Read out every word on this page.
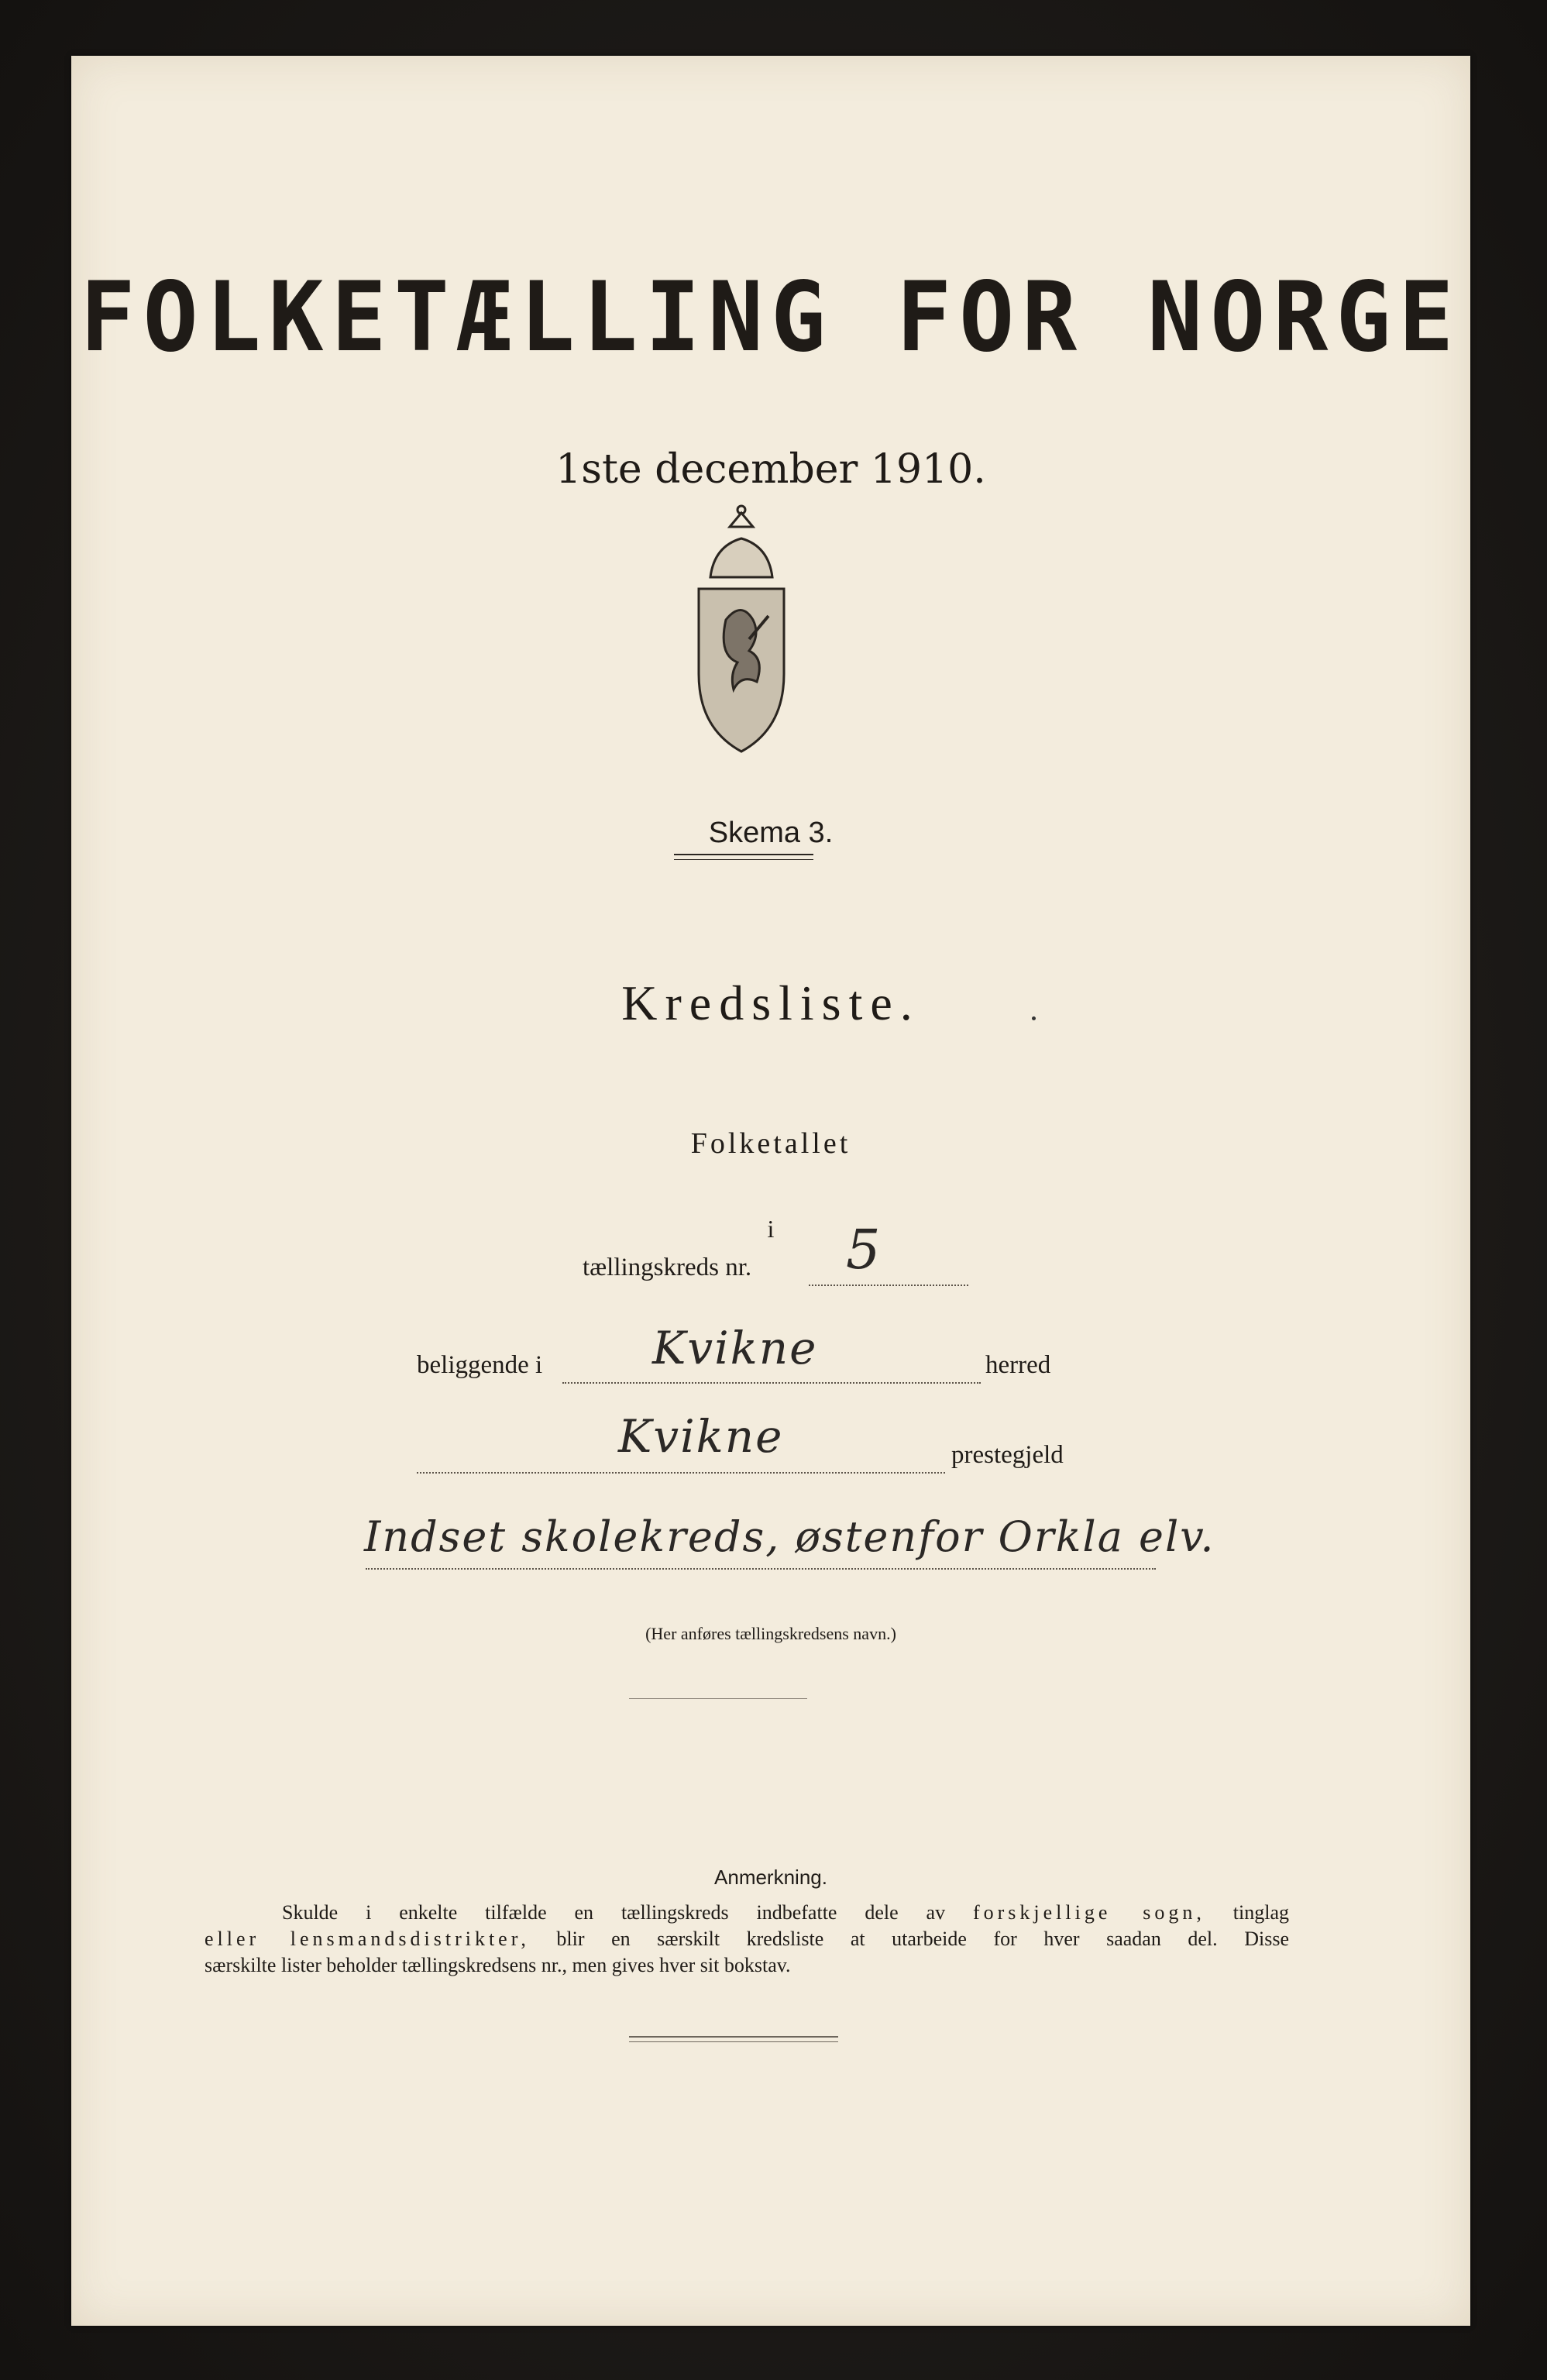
FOLKETÆLLING FOR NORGE
1ste december 1910.
Skema 3.
Kredsliste.
Folketallet
i
tællingskreds nr. 5
beliggende i Kvikne	herred
Kvikne	prestegjeld
Indset skolekreds, østenfor Orkla elv.
(Her anføres tællingskredsens navn.)
Anmerkning.
Skulde i enkelte tilfælde en tællingskreds indbefatte dele av forskjellige sogn, tinglag
eller lensmandsdistrikter, blir en særskilt kredsliste at utarbeide for hver saadan del. Disse
særskilte lister beholder tællingskredsens nr., men gives hver sit bokstav.
